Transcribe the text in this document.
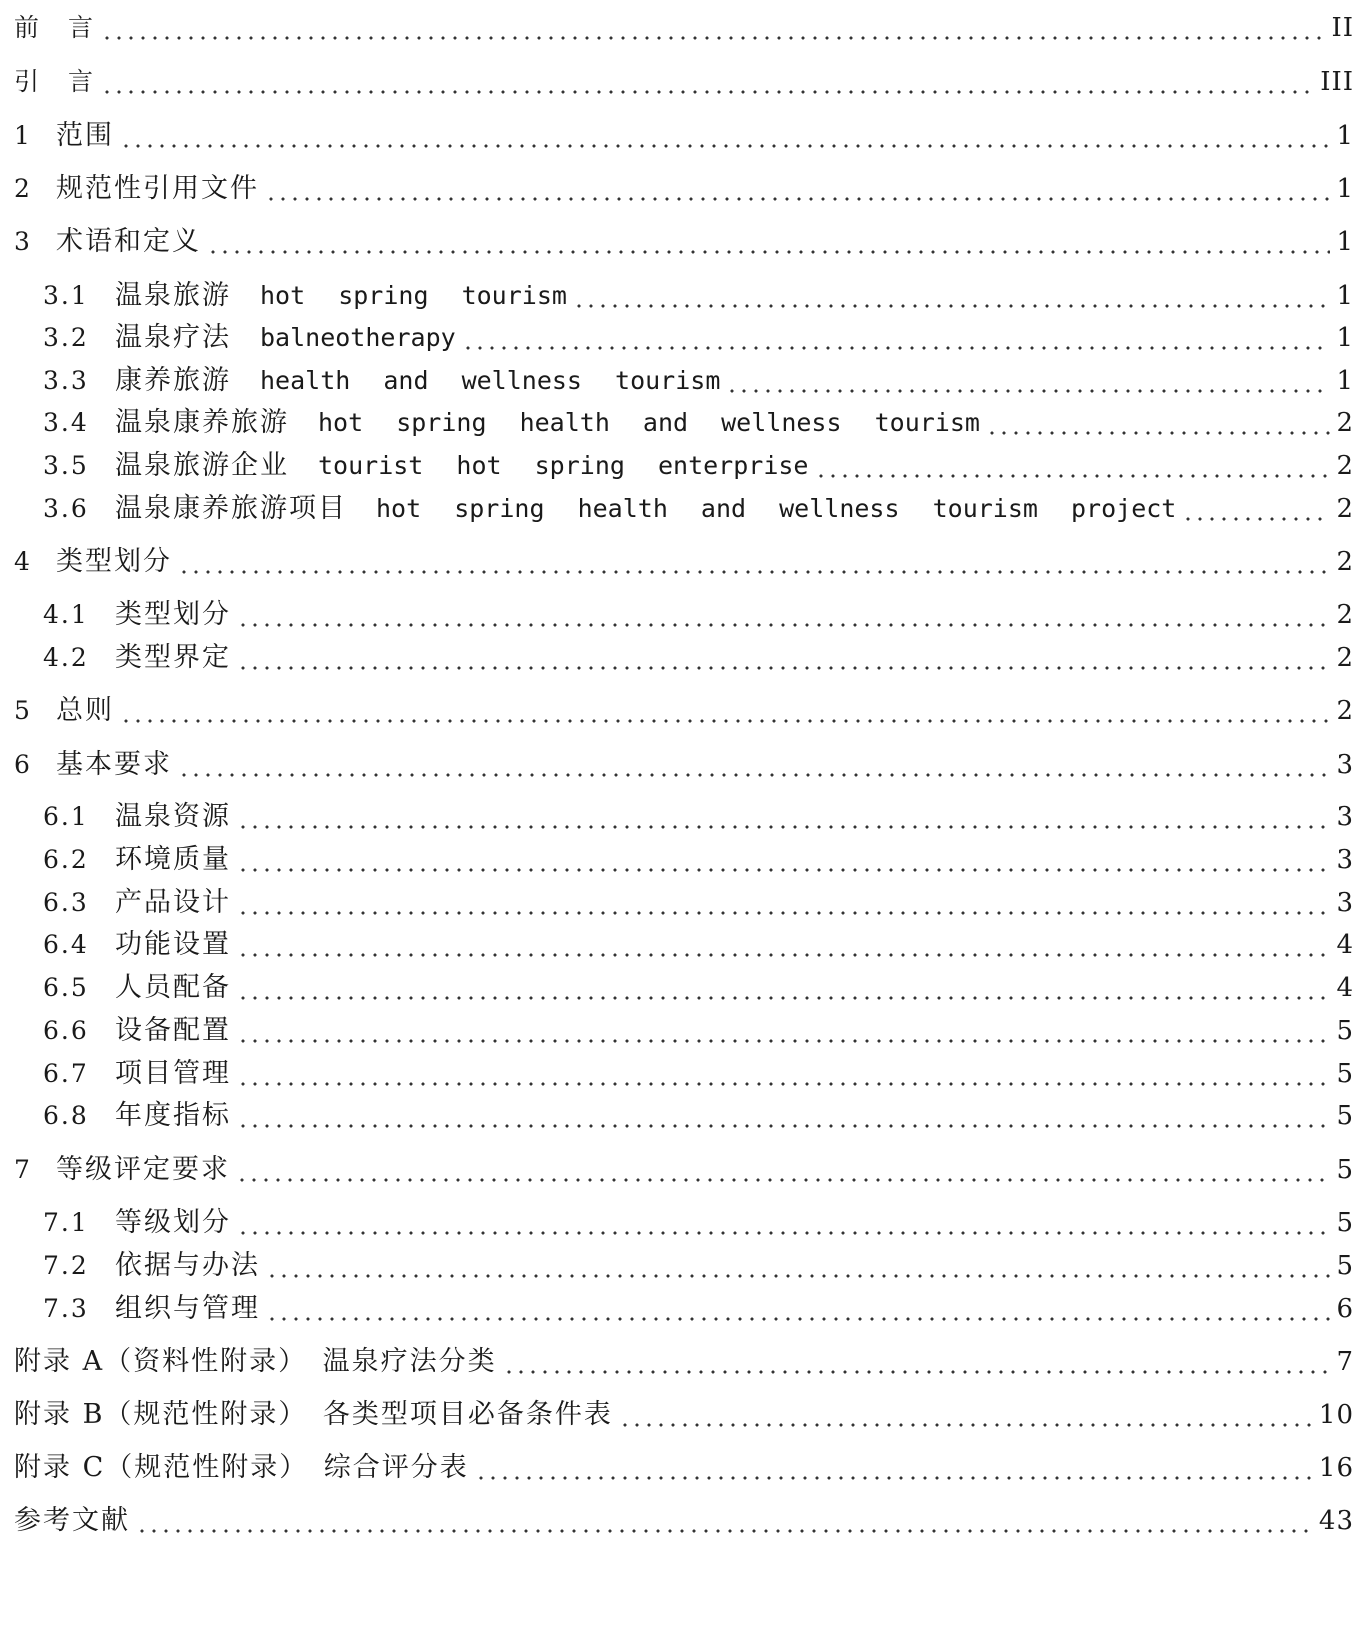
前　言	II
引　言	III
1 范围	1
2 规范性引用文件	1
3 术语和定义	1
3.1 温泉旅游  hot spring tourism	1
3.2 温泉疗法  balneotherapy	1
3.3 康养旅游  health and wellness tourism	1
3.4 温泉康养旅游  hot spring health and wellness tourism	2
3.5 温泉旅游企业  tourist hot spring enterprise	2
3.6 温泉康养旅游项目  hot spring health and wellness tourism project	2
4 类型划分	2
4.1 类型划分	2
4.2 类型界定	2
5 总则	2
6 基本要求	3
6.1 温泉资源	3
6.2 环境质量	3
6.3 产品设计	3
6.4 功能设置	4
6.5 人员配备	4
6.6 设备配置	5
6.7 项目管理	5
6.8 年度指标	5
7 等级评定要求	5
7.1 等级划分	5
7.2 依据与办法	5
7.3 组织与管理	6
附录 A（资料性附录）　温泉疗法分类	7
附录 B（规范性附录）　各类型项目必备条件表	10
附录 C（规范性附录）　综合评分表	16
参考文献	43
